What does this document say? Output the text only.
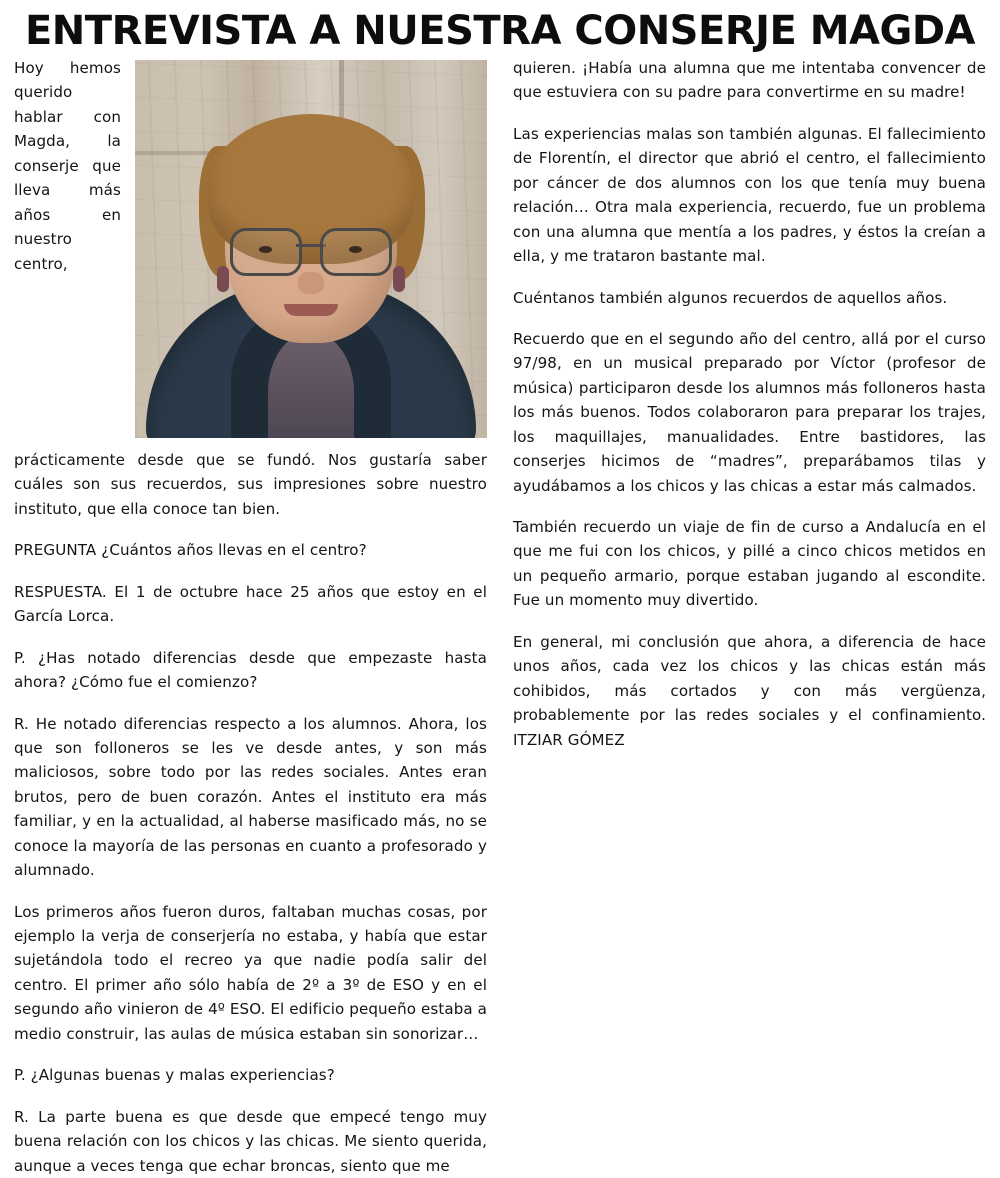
ENTREVISTA A NUESTRA CONSERJE MAGDA

Hoy hemos querido hablar con Magda, la conserje que lleva más años en nuestro centro, prácticamente desde que se fundó. Nos gustaría saber cuáles son sus recuerdos, sus impresiones sobre nuestro instituto, que ella conoce tan bien.

PREGUNTA ¿Cuántos años llevas en el centro?

RESPUESTA. El 1 de octubre hace 25 años que estoy en el García Lorca.

P. ¿Has notado diferencias desde que empezaste hasta ahora? ¿Cómo fue el comienzo?

R. He notado diferencias respecto a los alumnos. Ahora, los que son folloneros se les ve desde antes, y son más maliciosos, sobre todo por las redes sociales. Antes eran brutos, pero de buen corazón. Antes el instituto era más familiar, y en la actualidad, al haberse masificado más, no se conoce la mayoría de las personas en cuanto a profesorado y alumnado.

Los primeros años fueron duros, faltaban muchas cosas, por ejemplo la verja de conserjería no estaba, y había que estar sujetándola todo el recreo ya que nadie podía salir del centro. El primer año sólo había de 2º a 3º de ESO y en el segundo año vinieron de 4º ESO. El edificio pequeño estaba a medio construir, las aulas de música estaban sin sonorizar…

P. ¿Algunas buenas y malas experiencias?

R. La parte buena es que desde que empecé tengo muy buena relación con los chicos y las chicas. Me siento querida, aunque a veces tenga que echar broncas, siento que me

quieren. ¡Había una alumna que me intentaba convencer de que estuviera con su padre para convertirme en su madre!

Las experiencias malas son también algunas. El fallecimiento de Florentín, el director que abrió el centro, el fallecimiento por cáncer de dos alumnos con los que tenía muy buena relación… Otra mala experiencia, recuerdo, fue un problema con una alumna que mentía a los padres, y éstos la creían a ella, y me trataron bastante mal.

Cuéntanos también algunos recuerdos de aquellos años.

Recuerdo que en el segundo año del centro, allá por el curso 97/98, en un musical preparado por Víctor (profesor de música) participaron desde los alumnos más folloneros hasta los más buenos. Todos colaboraron para preparar los trajes, los maquillajes, manualidades. Entre bastidores, las conserjes hicimos de “madres”, preparábamos tilas y ayudábamos a los chicos y las chicas a estar más calmados.

También recuerdo un viaje de fin de curso a Andalucía en el que me fui con los chicos, y pillé a cinco chicos metidos en un pequeño armario, porque estaban jugando al escondite. Fue un momento muy divertido.

En general, mi conclusión que ahora, a diferencia de hace unos años, cada vez los chicos y las chicas están más cohibidos, más cortados y con más vergüenza, probablemente por las redes sociales y el confinamiento. ITZIAR GÓMEZ
